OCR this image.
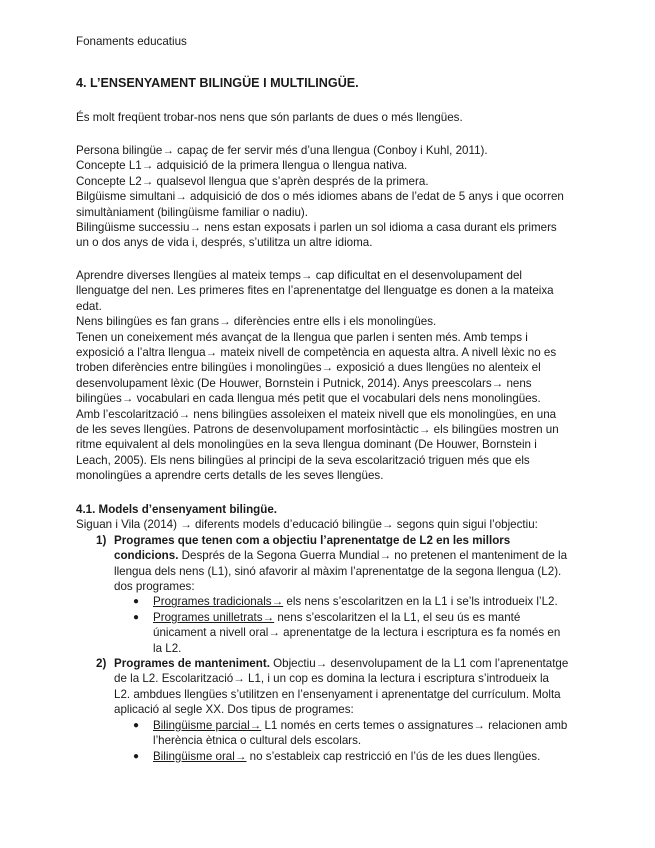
Fonaments educatius
4. L’ENSENYAMENT BILINGÜE I MULTILINGÜE.
És molt freqüent trobar-nos nens que són parlants de dues o més llengües.
Persona bilingüe→ capaç de fer servir més d’una llengua (Conboy i Kuhl, 2011).
Concepte L1→ adquisició de la primera llengua o llengua nativa.
Concepte L2→ qualsevol llengua que s’aprèn després de la primera.
Bilgüisme simultani→ adquisició de dos o més idiomes abans de l’edat de 5 anys i que ocorren
simultàniament (bilingüisme familiar o nadiu).
Bilingüisme successiu→ nens estan exposats i parlen un sol idioma a casa durant els primers
un o dos anys de vida i, després, s’utilitza un altre idioma.
Aprendre diverses llengües al mateix temps→ cap dificultat en el desenvolupament del
llenguatge del nen. Les primeres fites en l’aprenentatge del llenguatge es donen a la mateixa
edat.
Nens bilingües es fan grans→ diferències entre ells i els monolingües.
Tenen un coneixement més avançat de la llengua que parlen i senten més. Amb temps i
exposició a l’altra llengua→ mateix nivell de competència en aquesta altra. A nivell lèxic no es
troben diferències entre bilingües i monolingües→ exposició a dues llengües no alenteix el
desenvolupament lèxic (De Houwer, Bornstein i Putnick, 2014). Anys preescolars→ nens
bilingües→ vocabulari en cada llengua més petit que el vocabulari dels nens monolingües.
Amb l’escolarització→ nens bilingües assoleixen el mateix nivell que els monolingües, en una
de les seves llengües. Patrons de desenvolupament morfosintàctic→ els bilingües mostren un
ritme equivalent al dels monolingües en la seva llengua dominant (De Houwer, Bornstein i
Leach, 2005). Els nens bilingües al principi de la seva escolarització triguen més que els
monolingües a aprendre certs detalls de les seves llengües.
4.1. Models d’ensenyament bilingüe.
Siguan i Vila (2014) → diferents models d’educació bilingüe→ segons quin sigui l’objectiu:
1) Programes que tenen com a objectiu l’aprenentatge de L2 en les millors
condicions. Després de la Segona Guerra Mundial→ no pretenen el manteniment de la
llengua dels nens (L1), sinó afavorir al màxim l’aprenentatge de la segona llengua (L2).
dos programes:
● Programes tradicionals→ els nens s’escolaritzen en la L1 i se’ls introdueix l’L2.
● Programes unilletrats→ nens s’escolaritzen el la L1, el seu ús es manté
únicament a nivell oral→ aprenentatge de la lectura i escriptura es fa només en
la L2.
2) Programes de manteniment. Objectiu→ desenvolupament de la L1 com l’aprenentatge
de la L2. Escolarització→ L1, i un cop es domina la lectura i escriptura s’introdueix la
L2. ambdues llengües s’utilitzen en l’ensenyament i aprenentatge del currículum. Molta
aplicació al segle XX. Dos tipus de programes:
● Bilingüisme parcial→ L1 només en certs temes o assignatures→ relacionen amb
l’herència ètnica o cultural dels escolars.
● Bilingüisme oral→ no s’estableix cap restricció en l’ús de les dues llengües.
